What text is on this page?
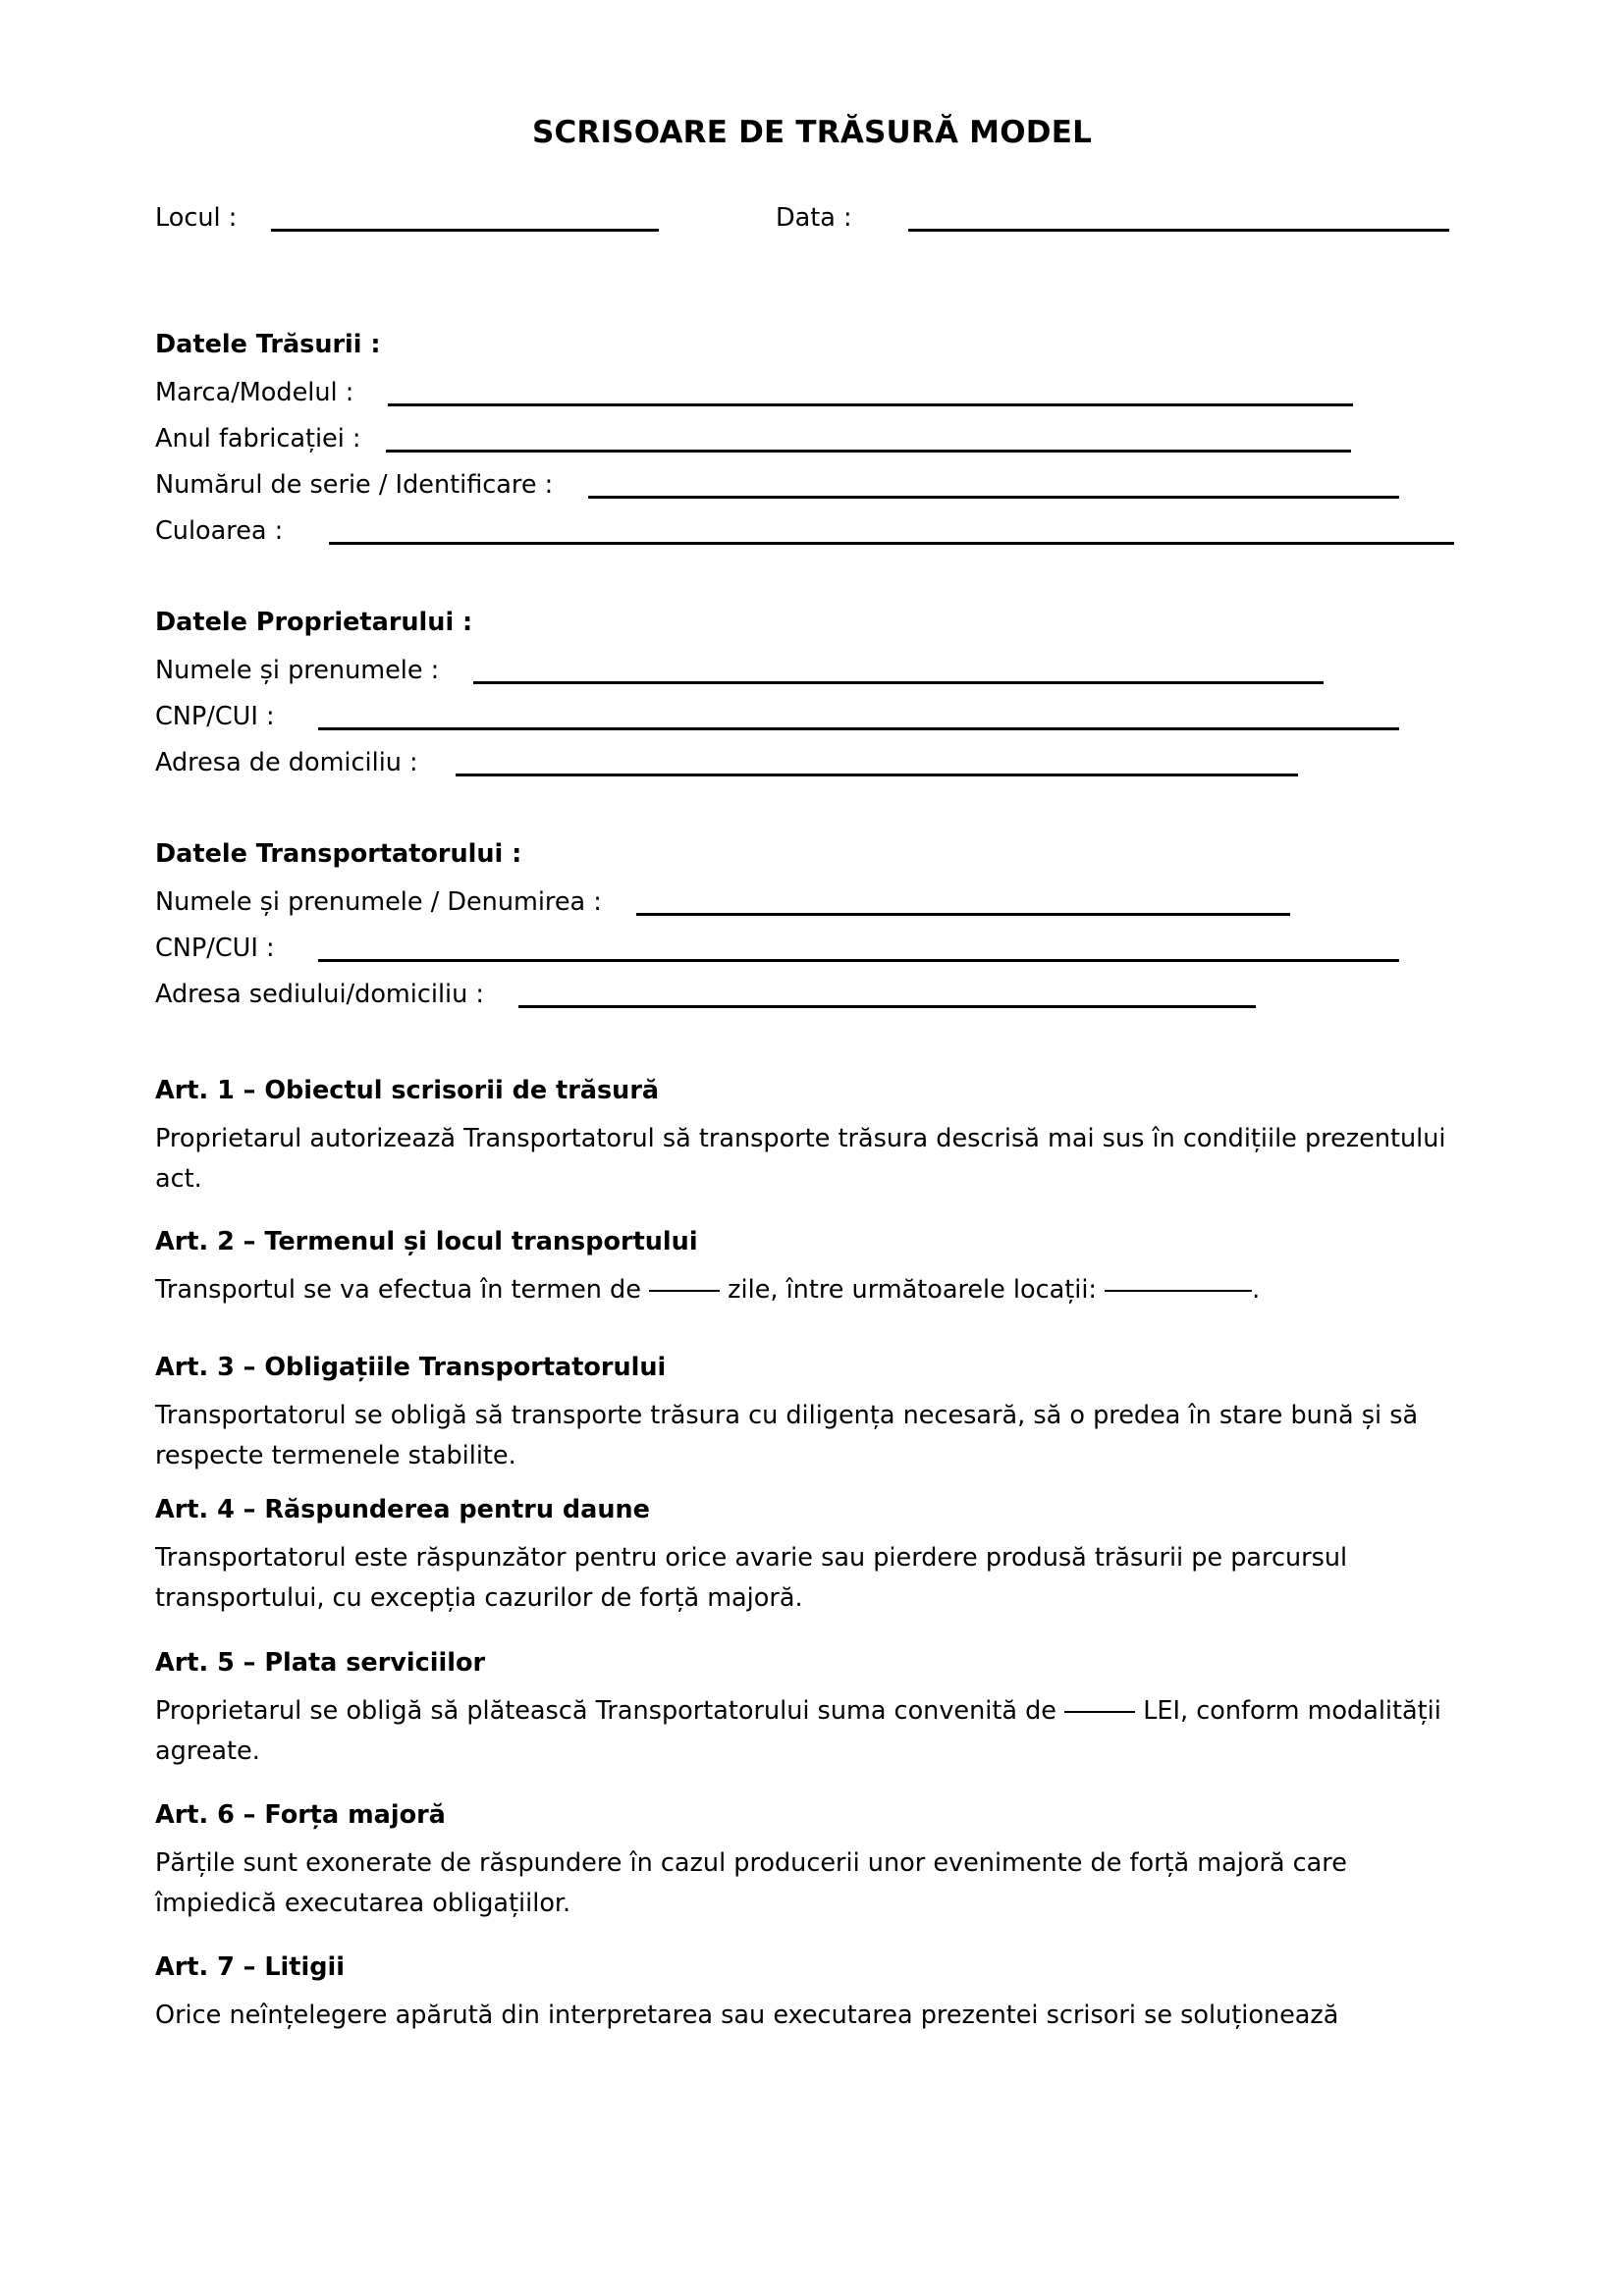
SCRISOARE DE TRĂSURĂ MODEL
Locul :	Data :
Datele Trăsurii :
Marca/Modelul :
Anul fabricației :
Numărul de serie / Identificare :
Culoarea :
Datele Proprietarului :
Numele și prenumele :
CNP/CUI :
Adresa de domiciliu :
Datele Transportatorului :
Numele și prenumele / Denumirea :
CNP/CUI :
Adresa sediului/domiciliu :
Art. 1 – Obiectul scrisorii de trăsură
Proprietarul autorizează Transportatorul să transporte trăsura descrisă mai sus în condițiile prezentului act.
Art. 2 – Termenul și locul transportului
Transportul se va efectua în termen de	zile, între următoarele locații:	.
Art. 3 – Obligațiile Transportatorului
Transportatorul se obligă să transporte trăsura cu diligența necesară, să o predea în stare bună și să respecte termenele stabilite.
Art. 4 – Răspunderea pentru daune
Transportatorul este răspunzător pentru orice avarie sau pierdere produsă trăsurii pe parcursul transportului, cu excepția cazurilor de forță majoră.
Art. 5 – Plata serviciilor
Proprietarul se obligă să plătească Transportatorului suma convenită de	LEI, conform modalității agreate.
Art. 6 – Forța majoră
Părțile sunt exonerate de răspundere în cazul producerii unor evenimente de forță majoră care împiedică executarea obligațiilor.
Art. 7 – Litigii
Orice neînțelegere apărută din interpretarea sau executarea prezentei scrisori se soluționează
